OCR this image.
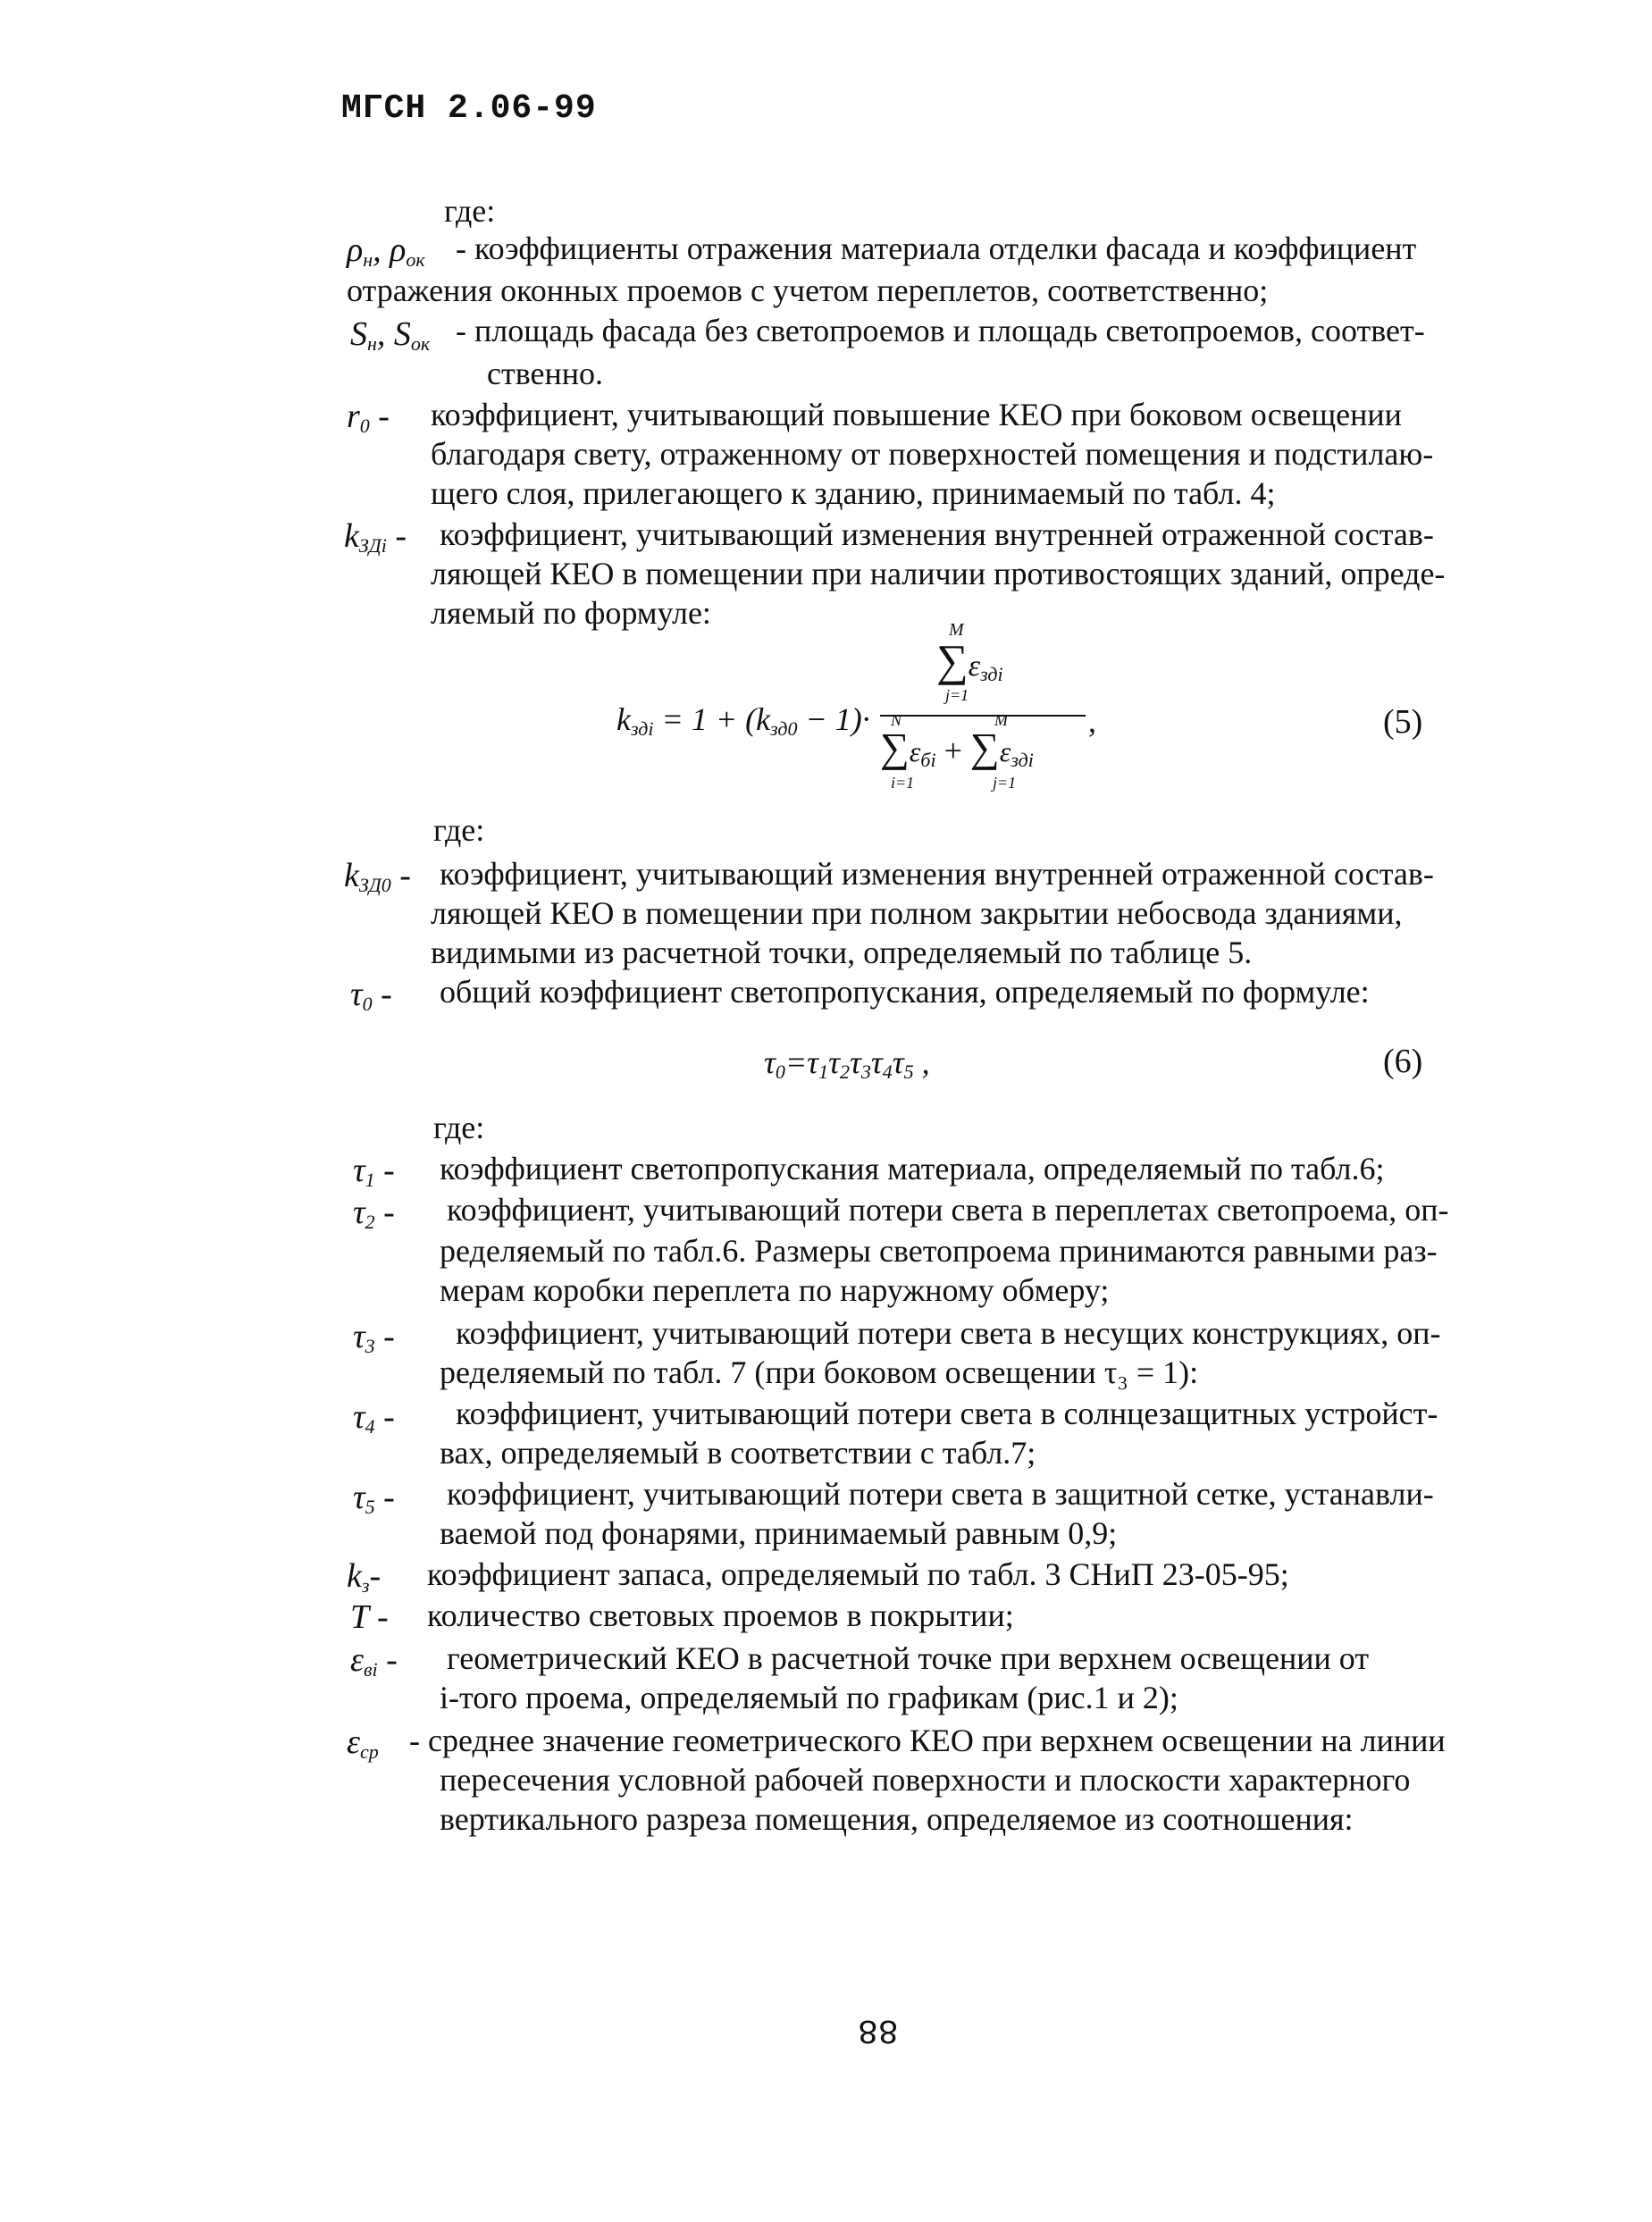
МГСН 2.06-99
где:
$\rho_н$, $\rho_{ок}$ - коэффициенты отражения материала отделки фасада и коэффициент
отражения оконных проемов с учетом переплетов, соответственно;
$S_н$, $S_{ок}$ - площадь фасада без светопроемов и площадь светопроемов, соответ-
ственно.
$r_0$ - коэффициент, учитывающий повышение КЕО при боковом освещении
благодаря свету, отраженному от поверхностей помещения и подстилаю-
щего слоя, прилегающего к зданию, принимаемый по табл. 4;
$k_{ЗДi}$ - коэффициент, учитывающий изменения внутренней отраженной состав-
ляющей КЕО в помещении при наличии противостоящих зданий, опреде-
ляемый по формуле:
$k_{здi} = 1 + (k_{зд0} - 1)\cdot$
M
$\sum\varepsilon_{здi}$
j=1
N
$\sum\varepsilon_{бi}$ +
M
$\sum\varepsilon_{здi}$
i=1	j=1
,	(5)
где:
$k_{ЗД0}$ - коэффициент, учитывающий изменения внутренней отраженной состав-
ляющей КЕО в помещении при полном закрытии небосвода зданиями,
видимыми из расчетной точки, определяемый по таблице 5.
$\tau_0$ - общий коэффициент светопропускания, определяемый по формуле:
$\tau_0=\tau_1\tau_2\tau_3\tau_4\tau_5$ ,	(6)
где:
$\tau_1$ - коэффициент светопропускания материала, определяемый по табл.6;
$\tau_2$ - коэффициент, учитывающий потери света в переплетах светопроема, оп-
ределяемый по табл.6. Размеры светопроема принимаются равными раз-
мерам коробки переплета по наружному обмеру;
$\tau_3$ - коэффициент, учитывающий потери света в несущих конструкциях, оп-
ределяемый по табл. 7 (при боковом освещении τ₃ = 1):
$\tau_4$ - коэффициент, учитывающий потери света в солнцезащитных устройст-
вах, определяемый в соответствии с табл.7;
$\tau_5$ - коэффициент, учитывающий потери света в защитной сетке, устанавли-
ваемой под фонарями, принимаемый равным 0,9;
$k_з-$ коэффициент запаса, определяемый по табл. 3 СНиП 23-05-95;
T - количество световых проемов в покрытии;
$\varepsilon_{вi}$ - геометрический КЕО в расчетной точке при верхнем освещении от
i-того проема, определяемый по графикам (рис.1 и 2);
$\varepsilon_{ср}$ - среднее значение геометрического КЕО при верхнем освещении на линии
пересечения условной рабочей поверхности и плоскости характерного
вертикального разреза помещения, определяемое из соотношения:
88
